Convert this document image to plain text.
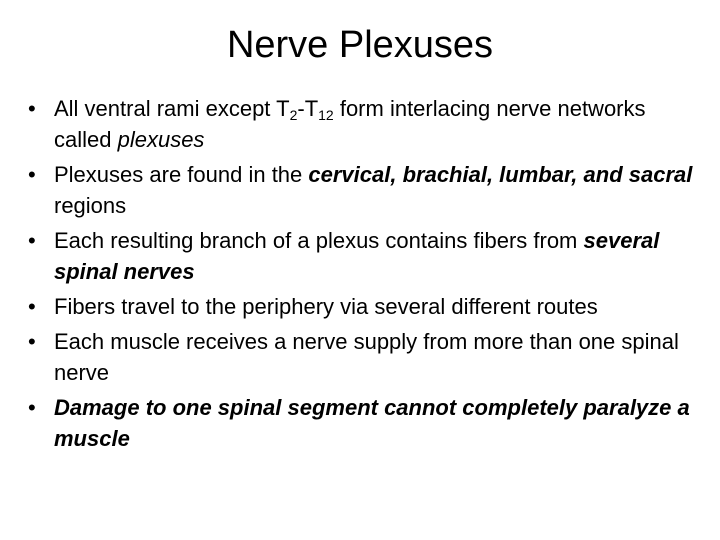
Nerve Plexuses
• All ventral rami except $T_2-T_{12}$ form interlacing nerve networks called plexuses
• Plexuses are found in the cervical, brachial, lumbar, and sacral regions
• Each resulting branch of a plexus contains fibers from several spinal nerves
• Fibers travel to the periphery via several different routes
• Each muscle receives a nerve supply from more than one spinal nerve
• Damage to one spinal segment cannot completely paralyze a muscle
